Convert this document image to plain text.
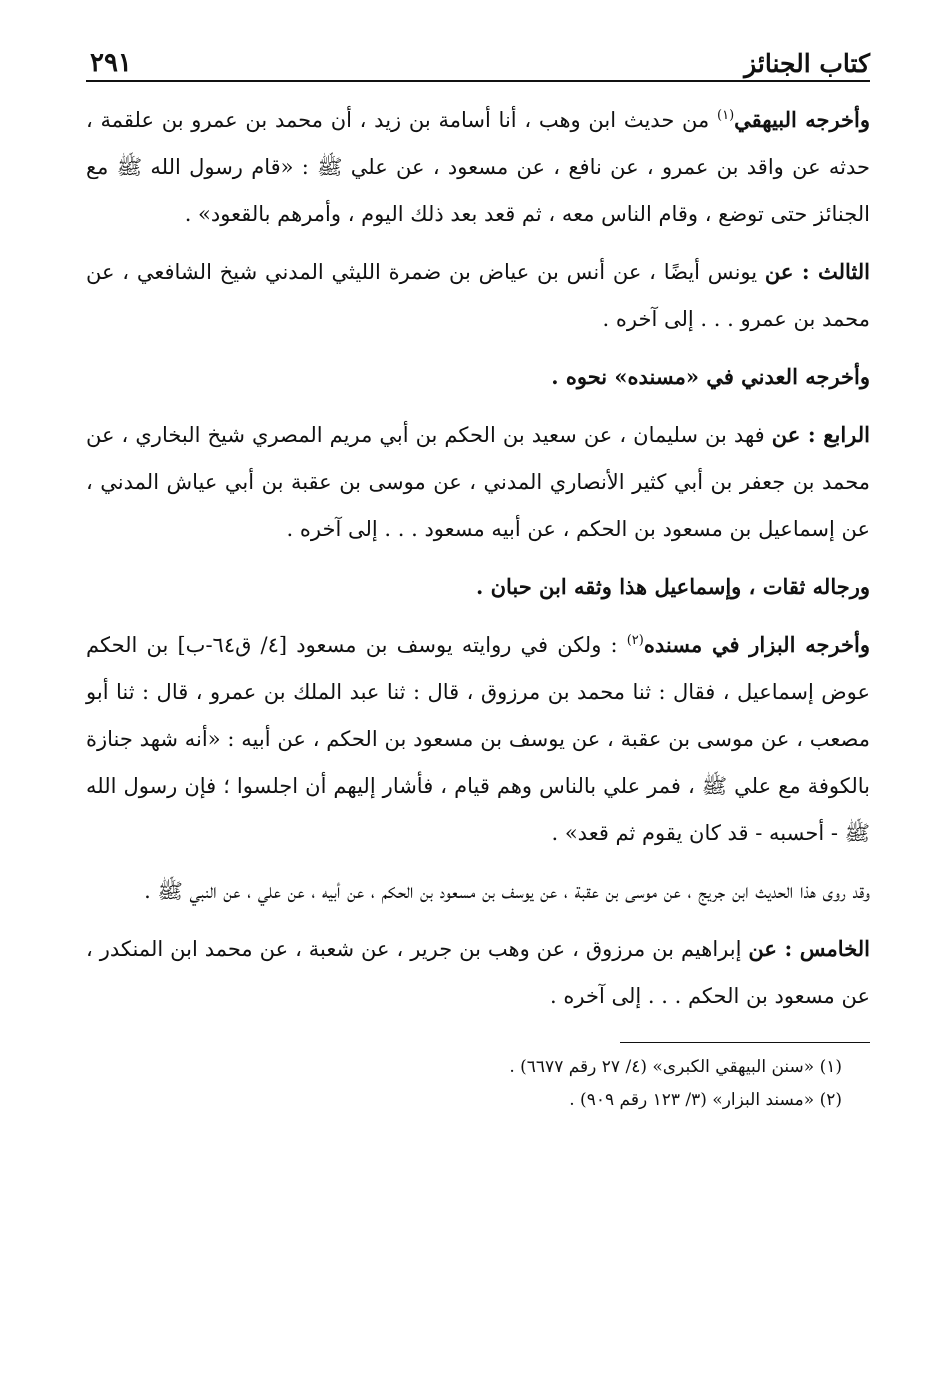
كتاب الجنائز
٢٩١

وأخرجه البيهقي$^{(١)}$ من حديث ابن وهب ، أنا أسامة بن زيد ، أن محمد بن عمرو بن علقمة ، حدثه عن واقد بن عمرو ، عن نافع ، عن مسعود ، عن علي ﷺ : «قام رسول الله ﷺ مع الجنائز حتى توضع ، وقام الناس معه ، ثم قعد بعد ذلك اليوم ، وأمرهم بالقعود» .

الثالث : عن يونس أيضًا ، عن أنس بن عياض بن ضمرة الليثي المدني شيخ الشافعي ، عن محمد بن عمرو . . . إلى آخره .

وأخرجه العدني في «مسنده» نحوه .

الرابع : عن فهد بن سليمان ، عن سعيد بن الحكم بن أبي مريم المصري شيخ البخاري ، عن محمد بن جعفر بن أبي كثير الأنصاري المدني ، عن موسى بن عقبة بن أبي عياش المدني ، عن إسماعيل بن مسعود بن الحكم ، عن أبيه مسعود . . . إلى آخره .

ورجاله ثقات ، وإسماعيل هذا وثقه ابن حبان .

وأخرجه البزار في مسنده$^{(٢)}$ : ولكن في روايته يوسف بن مسعود [٤/ ق٦٤-ب] بن الحكم عوض إسماعيل ، فقال : ثنا محمد بن مرزوق ، قال : ثنا عبد الملك بن عمرو ، قال : ثنا أبو مصعب ، عن موسى بن عقبة ، عن يوسف بن مسعود بن الحكم ، عن أبيه : «أنه شهد جنازة بالكوفة مع علي ﷺ ، فمر علي بالناس وهم قيام ، فأشار إليهم أن اجلسوا ؛ فإن رسول الله ﷺ - أحسبه - قد كان يقوم ثم قعد» .

وقد روى هذا الحديث ابن جريج ، عن موسى بن عقبة ، عن يوسف بن مسعود بن الحكم ، عن أبيه ، عن علي ، عن النبي ﷺ .

الخامس : عن إبراهيم بن مرزوق ، عن وهب بن جرير ، عن شعبة ، عن محمد ابن المنكدر ، عن مسعود بن الحكم . . . إلى آخره .

(١) «سنن البيهقي الكبرى» (٤/ ٢٧ رقم ٦٦٧٧) .

(٢) «مسند البزار» (٣/ ١٢٣ رقم ٩٠٩) .
